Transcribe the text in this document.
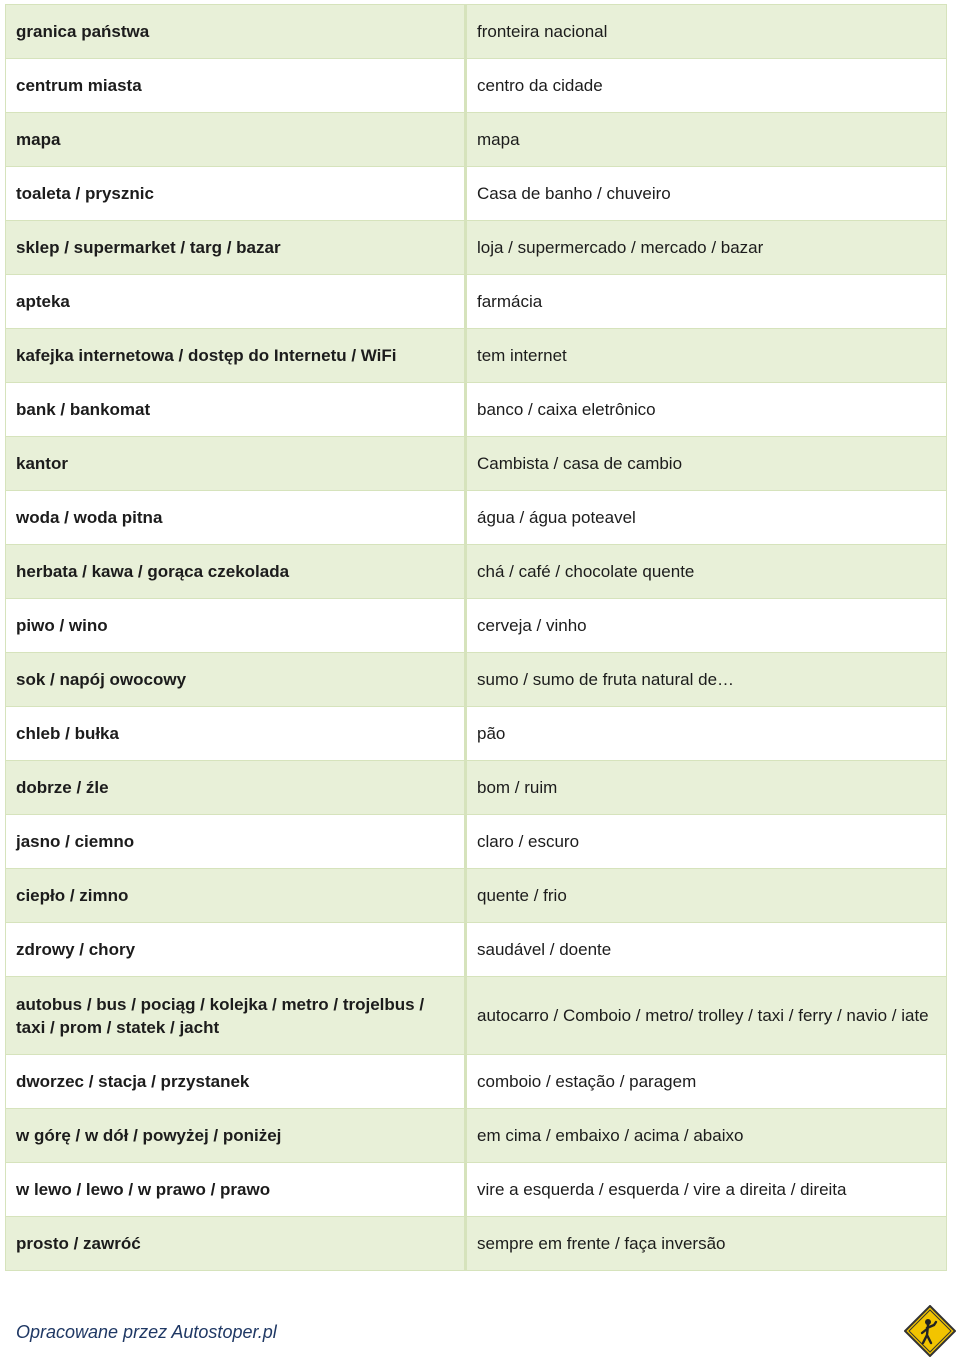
granica państwa	fronteira nacional
centrum miasta	centro da cidade
mapa	mapa
toaleta / prysznic	Casa de banho / chuveiro
sklep / supermarket / targ / bazar	loja / supermercado / mercado / bazar
apteka	farmácia
kafejka internetowa / dostęp do Internetu / WiFi	tem internet
bank / bankomat	banco / caixa eletrônico
kantor	Cambista / casa de cambio
woda / woda pitna	água / água poteavel
herbata / kawa / gorąca czekolada	chá / café / chocolate quente
piwo / wino	cerveja / vinho
sok / napój owocowy	sumo / sumo de fruta natural de…
chleb / bułka	pão
dobrze / źle	bom / ruim
jasno / ciemno	claro / escuro
ciepło / zimno	quente / frio
zdrowy / chory	saudável / doente
autobus / bus / pociąg / kolejka / metro / trojelbus / taxi / prom / statek / jacht	autocarro / Comboio / metro/ trolley / taxi / ferry / navio / iate
dworzec / stacja / przystanek	comboio / estação / paragem
w górę / w dół / powyżej / poniżej	em cima / embaixo / acima / abaixo
w lewo / lewo / w prawo / prawo	vire a esquerda / esquerda / vire a direita / direita
prosto / zawróć	sempre em frente / faça inversão
Opracowane przez Autostoper.pl
